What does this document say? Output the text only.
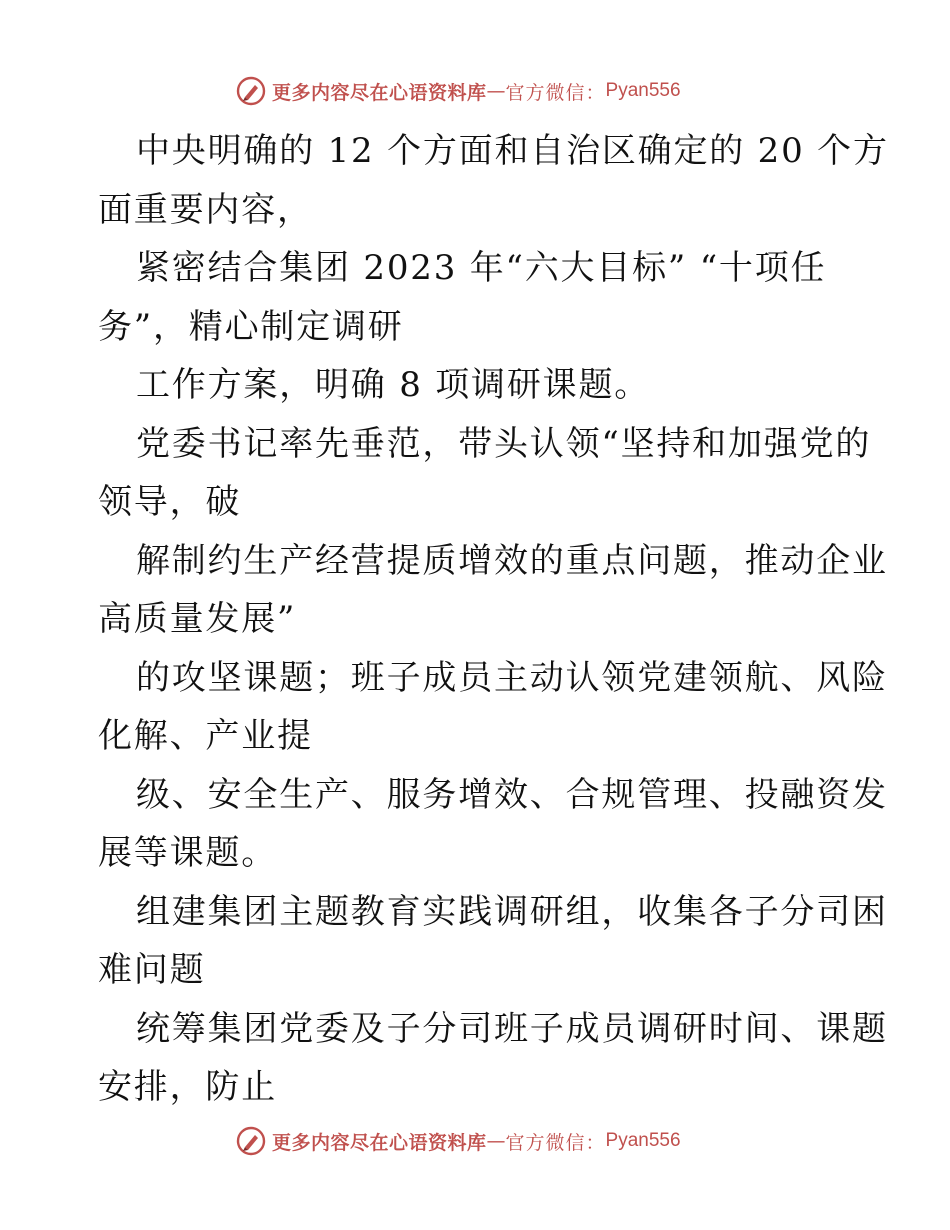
更多内容尽在心语资料库 — 官方微信： Pyan556
中央明确的 12 个方面和自治区确定的 20 个方
面重要内容，
紧密结合集团 2023 年“六大目标” “十项任
务”，精心制定调研
工作方案，明确 8 项调研课题。
党委书记率先垂范，带头认领“坚持和加强党的
领导，破
解制约生产经营提质增效的重点问题，推动企业
高质量发展”
的攻坚课题；班子成员主动认领党建领航、风险
化解、产业提
级、安全生产、服务增效、合规管理、投融资发
展等课题。
组建集团主题教育实践调研组，收集各子分司困
难问题
统筹集团党委及子分司班子成员调研时间、课题
安排，防止
更多内容尽在心语资料库 — 官方微信： Pyan556
